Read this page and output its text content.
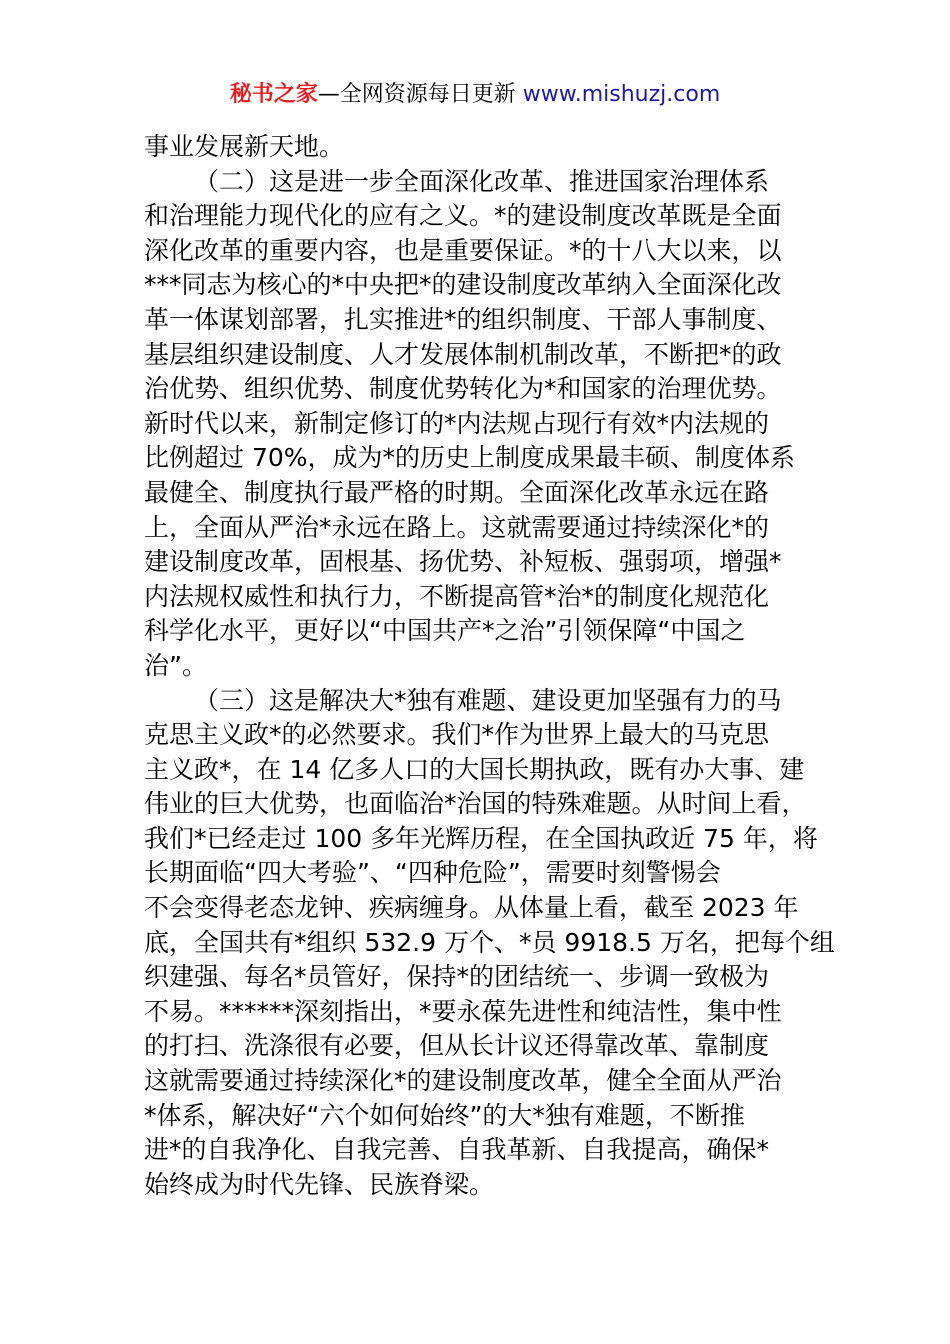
秘书之家—全网资源每日更新 www.mishuzj.com
事业发展新天地。
（二）这是进一步全面深化改革、推进国家治理体系
和治理能力现代化的应有之义。*的建设制度改革既是全面
深化改革的重要内容，也是重要保证。*的十八大以来，以
***同志为核心的*中央把*的建设制度改革纳入全面深化改
革一体谋划部署，扎实推进*的组织制度、干部人事制度、
基层组织建设制度、人才发展体制机制改革，不断把*的政
治优势、组织优势、制度优势转化为*和国家的治理优势。
新时代以来，新制定修订的*内法规占现行有效*内法规的
比例超过 70%，成为*的历史上制度成果最丰硕、制度体系
最健全、制度执行最严格的时期。全面深化改革永远在路
上，全面从严治*永远在路上。这就需要通过持续深化*的
建设制度改革，固根基、扬优势、补短板、强弱项，增强*
内法规权威性和执行力，不断提高管*治*的制度化规范化
科学化水平，更好以“中国共产*之治”引领保障“中国之
治”。
（三）这是解决大*独有难题、建设更加坚强有力的马
克思主义政*的必然要求。我们*作为世界上最大的马克思
主义政*，在 14 亿多人口的大国长期执政，既有办大事、建
伟业的巨大优势，也面临治*治国的特殊难题。从时间上看，
我们*已经走过 100 多年光辉历程，在全国执政近 75 年，将
长期面临“四大考验”、“四种危险”，需要时刻警惕会
不会变得老态龙钟、疾病缠身。从体量上看，截至 2023 年
底，全国共有*组织 532.9 万个、*员 9918.5 万名，把每个组
织建强、每名*员管好，保持*的团结统一、步调一致极为
不易。******深刻指出，*要永葆先进性和纯洁性，集中性
的打扫、洗涤很有必要，但从长计议还得靠改革、靠制度
这就需要通过持续深化*的建设制度改革，健全全面从严治
*体系，解决好“六个如何始终”的大*独有难题，不断推
进*的自我净化、自我完善、自我革新、自我提高，确保*
始终成为时代先锋、民族脊梁。
